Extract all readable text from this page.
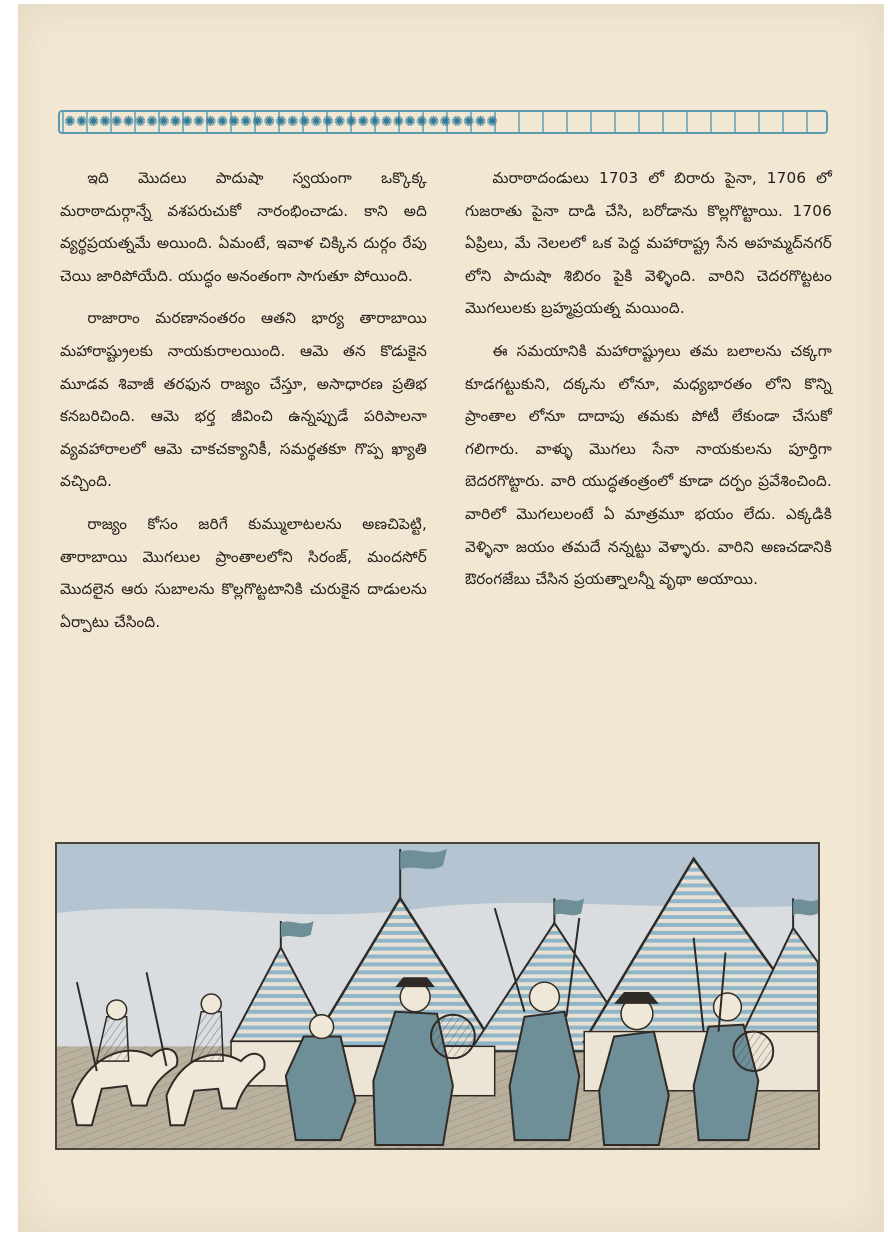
✺✺✺✺✺✺✺✺✺✺✺✺✺✺✺✺✺✺✺✺✺✺✺✺✺✺✺✺✺✺✺✺✺✺✺✺✺

ఇది మొదలు పాదుషా స్వయంగా ఒక్కొక్క మరాఠాదుర్గాన్నే వశపరుచుకో నారంభించాడు. కాని అది వ్యర్థప్రయత్నమే అయింది. ఏమంటే, ఇవాళ చిక్కిన దుర్గం రేపు చెయి జారిపోయేది. యుద్ధం అనంతంగా సాగుతూ పోయింది.

రాజారాం మరణానంతరం ఆతని భార్య తారాబాయి మహారాష్ట్రులకు నాయకురాలయింది. ఆమె తన కొడుకైన మూడవ శివాజీ తరఫున రాజ్యం చేస్తూ, అసాధారణ ప్రతిభ కనబరిచింది. ఆమె భర్త జీవించి ఉన్నప్పుడే పరిపాలనా వ్యవహారాలలో ఆమె చాకచక్యానికీ, సమర్థతకూ గొప్ప ఖ్యాతి వచ్చింది.

రాజ్యం కోసం జరిగే కుమ్ములాటలను అణచిపెట్టి, తారాబాయి మొగలుల ప్రాంతాలలోని సిరంజ్, మందసోర్ మొదలైన ఆరు సుబాలను కొల్లగొట్టటానికి చురుకైన దాడులను ఏర్పాటు చేసింది.

మరాఠాదండులు 1703 లో బిరారు పైనా, 1706 లో గుజరాతు పైనా దాడి చేసి, బరోడాను కొల్లగొట్టాయి. 1706 ఏప్రిలు, మే నెలలలో ఒక పెద్ద మహారాష్ట్ర సేన అహమ్మద్‌నగర్ లోని పాదుషా శిబిరం పైకి వెళ్ళింది. వారిని చెదరగొట్టటం మొగలులకు బ్రహ్మప్రయత్న మయింది.

ఈ సమయానికి మహారాష్ట్రులు తమ బలాలను చక్కగా కూడగట్టుకుని, దక్కను లోనూ, మధ్యభారతం లోని కొన్ని ప్రాంతాల లోనూ దాదాపు తమకు పోటీ లేకుండా చేసుకో గలిగారు. వాళ్ళు మొగలు సేనా నాయకులను పూర్తిగా బెదరగొట్టారు. వారి యుద్ధతంత్రంలో కూడా దర్పం ప్రవేశించింది. వారిలో మొగలులంటే ఏ మాత్రమూ భయం లేదు. ఎక్కడికి వెళ్ళినా జయం తమదే నన్నట్టు వెళ్ళారు. వారిని అణచడానికి ఔరంగజేబు చేసిన ప్రయత్నాలన్నీ వృథా అయాయి.
